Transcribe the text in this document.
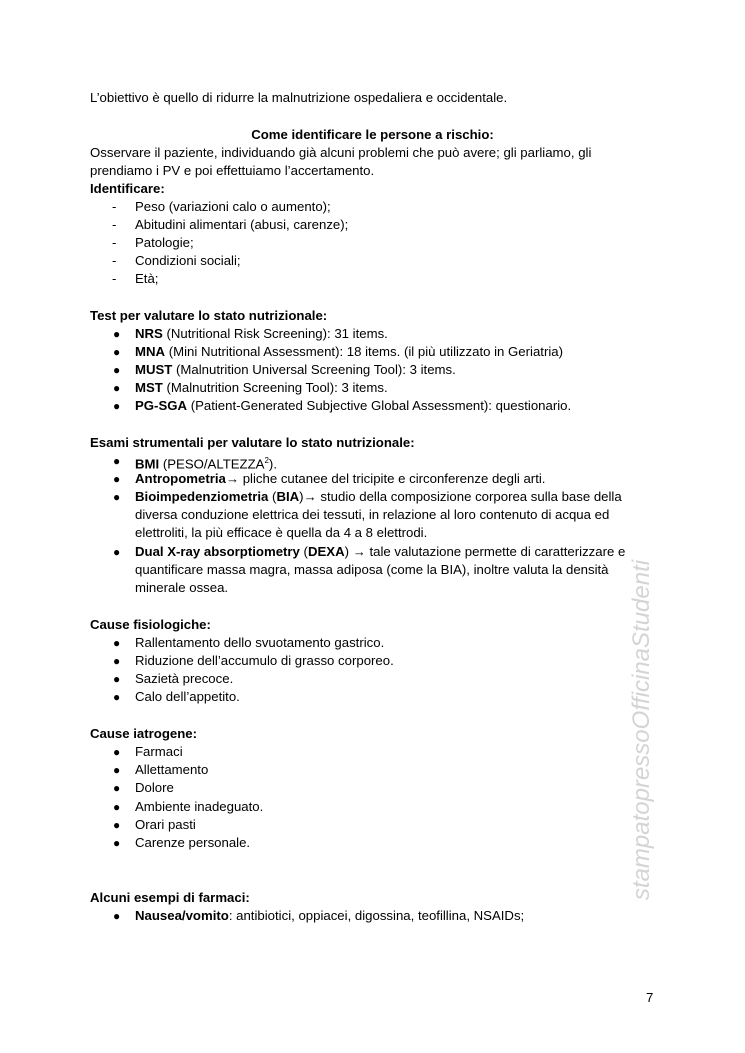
L’obiettivo è quello di ridurre la malnutrizione ospedaliera e occidentale.
Come identificare le persone a rischio:
Osservare il paziente, individuando già alcuni problemi che può avere; gli parliamo, gli
prendiamo i PV e poi effettuiamo l’accertamento.
Identificare:
- Peso (variazioni calo o aumento);
- Abitudini alimentari (abusi, carenze);
- Patologie;
- Condizioni sociali;
- Età;
Test per valutare lo stato nutrizionale:
● NRS (Nutritional Risk Screening): 31 items.
● MNA (Mini Nutritional Assessment): 18 items. (il più utilizzato in Geriatria)
● MUST (Malnutrition Universal Screening Tool): 3 items.
● MST (Malnutrition Screening Tool): 3 items.
● PG-SGA (Patient-Generated Subjective Global Assessment): questionario.
Esami strumentali per valutare lo stato nutrizionale:
● BMI (PESO/ALTEZZA$^2$).
● Antropometria→ pliche cutanee del tricipite e circonferenze degli arti.
● Bioimpedenziometria (BIA)→ studio della composizione corporea sulla base della
diversa conduzione elettrica dei tessuti, in relazione al loro contenuto di acqua ed
elettroliti, la più efficace è quella da 4 a 8 elettrodi.
● Dual X-ray absorptiometry (DEXA) → tale valutazione permette di caratterizzare e
quantificare massa magra, massa adiposa (come la BIA), inoltre valuta la densità
minerale ossea.
Cause fisiologiche:
● Rallentamento dello svuotamento gastrico.
● Riduzione dell’accumulo di grasso corporeo.
● Sazietà precoce.
● Calo dell’appetito.
Cause iatrogene:
● Farmaci
● Allettamento
● Dolore
● Ambiente inadeguato.
● Orari pasti
● Carenze personale.
Alcuni esempi di farmaci:
● Nausea/vomito: antibiotici, oppiacei, digossina, teofillina, NSAIDs;
stampatopressoOfficinaStudenti
7
